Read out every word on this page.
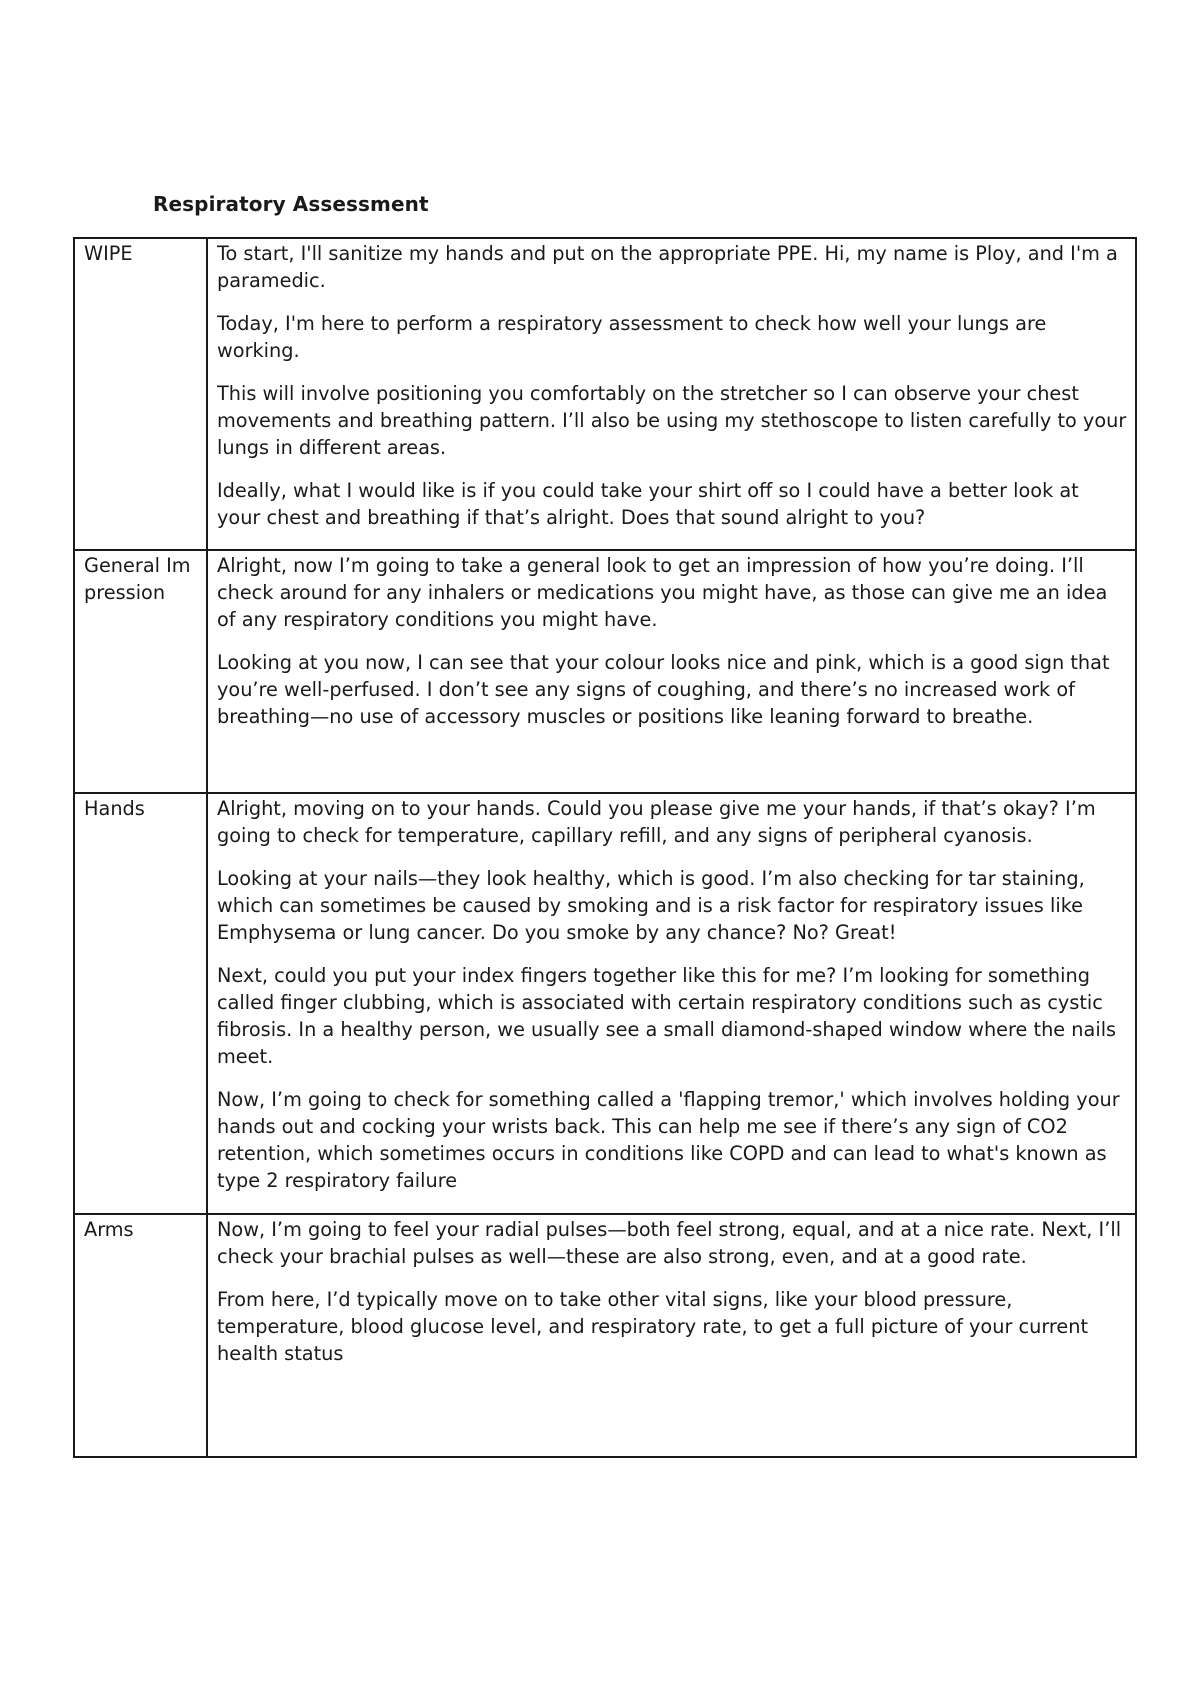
Respiratory Assessment
WIPE	To start, I'll sanitize my hands and put on the appropriate PPE. Hi, my name is Ploy, and I'm a paramedic.

Today, I'm here to perform a respiratory assessment to check how well your lungs are working.

This will involve positioning you comfortably on the stretcher so I can observe your chest movements and breathing pattern. I’ll also be using my stethoscope to listen carefully to your lungs in different areas.

Ideally, what I would like is if you could take your shirt off so I could have a better look at your chest and breathing if that’s alright. Does that sound alright to you?

General Impression	Alright, now I’m going to take a general look to get an impression of how you’re doing. I’ll check around for any inhalers or medications you might have, as those can give me an idea of any respiratory conditions you might have.

Looking at you now, I can see that your colour looks nice and pink, which is a good sign that you’re well-perfused. I don’t see any signs of coughing, and there’s no increased work of breathing—no use of accessory muscles or positions like leaning forward to breathe.

Hands	Alright, moving on to your hands. Could you please give me your hands, if that’s okay? I’m going to check for temperature, capillary refill, and any signs of peripheral cyanosis.

Looking at your nails—they look healthy, which is good. I’m also checking for tar staining, which can sometimes be caused by smoking and is a risk factor for respiratory issues like Emphysema or lung cancer. Do you smoke by any chance? No? Great!

Next, could you put your index fingers together like this for me? I’m looking for something called finger clubbing, which is associated with certain respiratory conditions such as cystic fibrosis. In a healthy person, we usually see a small diamond-shaped window where the nails meet.

Now, I’m going to check for something called a 'flapping tremor,' which involves holding your hands out and cocking your wrists back. This can help me see if there’s any sign of CO2 retention, which sometimes occurs in conditions like COPD and can lead to what's known as type 2 respiratory failure

Arms	Now, I’m going to feel your radial pulses—both feel strong, equal, and at a nice rate. Next, I’ll check your brachial pulses as well—these are also strong, even, and at a good rate.

From here, I’d typically move on to take other vital signs, like your blood pressure, temperature, blood glucose level, and respiratory rate, to get a full picture of your current health status
